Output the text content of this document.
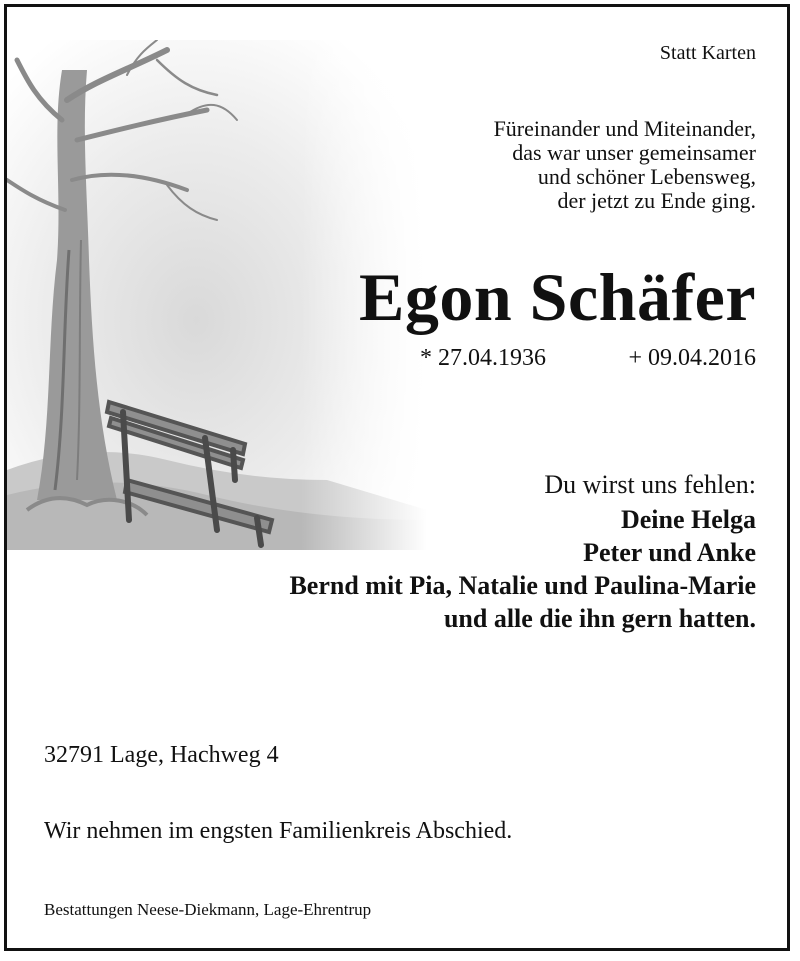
Statt Karten
Füreinander und Miteinander,
das war unser gemeinsamer
und schöner Lebensweg,
der jetzt zu Ende ging.
Egon Schäfer
* 27.04.1936	+ 09.04.2016
Du wirst uns fehlen:
Deine Helga
Peter und Anke
Bernd mit Pia, Natalie und Paulina-Marie
und alle die ihn gern hatten.
32791 Lage, Hachweg 4
Wir nehmen im engsten Familienkreis Abschied.
Bestattungen Neese-Diekmann, Lage-Ehrentrup
